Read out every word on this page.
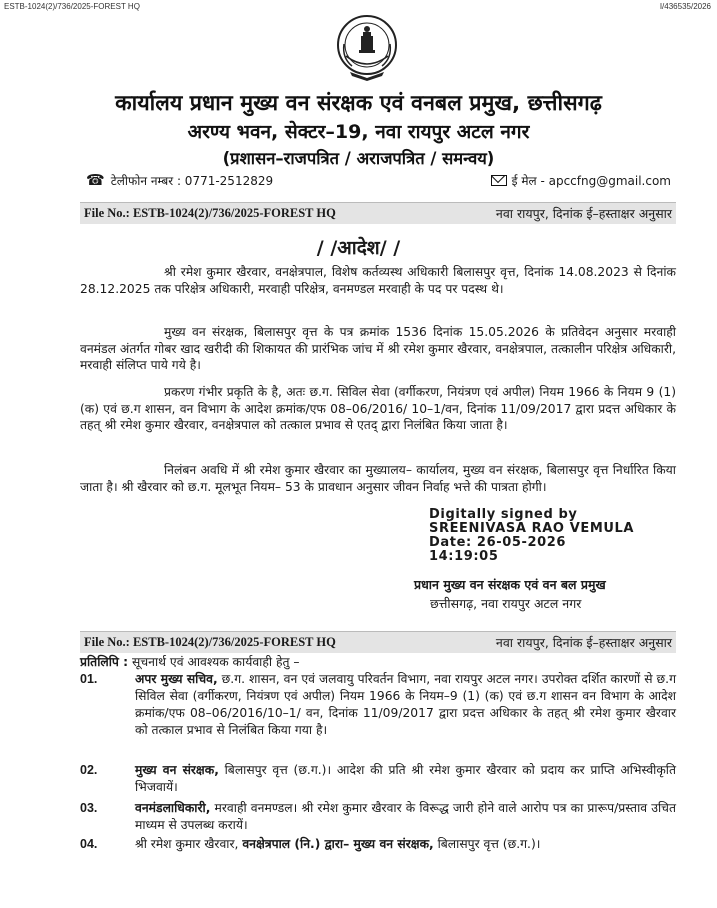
ESTB-1024(2)/736/2025-FOREST HQ	I/436535/2026
कार्यालय प्रधान मुख्य वन संरक्षक एवं वनबल प्रमुख, छत्तीसगढ़
अरण्य भवन, सेक्टर–19, नवा रायपुर अटल नगर
(प्रशासन–राजपत्रित / अराजपत्रित / समन्वय)
☎ टेलीफोन नम्बर : 0771-2512829	ई मेल - apccfng@gmail.com
File No.: ESTB-1024(2)/736/2025-FOREST HQ	नवा रायपुर, दिनांक ई–हस्ताक्षर अनुसार
/ /आदेश/ /

श्री रमेश कुमार खैरवार, वनक्षेत्रपाल, विशेष कर्तव्यस्थ अधिकारी बिलासपुर वृत्त, दिनांक 14.08.2023 से दिनांक 28.12.2025 तक परिक्षेत्र अधिकारी, मरवाही परिक्षेत्र, वनमण्डल मरवाही के पद पर पदस्थ थे।

मुख्य वन संरक्षक, बिलासपुर वृत्त के पत्र क्रमांक 1536 दिनांक 15.05.2026 के प्रतिवेदन अनुसार मरवाही वनमंडल अंतर्गत गोबर खाद खरीदी की शिकायत की प्रारंभिक जांच में श्री रमेश कुमार खैरवार, वनक्षेत्रपाल, तत्कालीन परिक्षेत्र अधिकारी, मरवाही संलिप्त पाये गये है।

प्रकरण गंभीर प्रकृति के है, अतः छ.ग. सिविल सेवा (वर्गीकरण, नियंत्रण एवं अपील) नियम 1966 के नियम 9 (1) (क) एवं छ.ग शासन, वन विभाग के आदेश क्रमांक/एफ 08–06/2016/ 10–1/वन, दिनांक 11/09/2017 द्वारा प्रदत्त अधिकार के तहत् श्री रमेश कुमार खैरवार, वनक्षेत्रपाल को तत्काल प्रभाव से एतद् द्वारा निलंबित किया जाता है।

निलंबन अवधि में श्री रमेश कुमार खैरवार का मुख्यालय– कार्यालय, मुख्य वन संरक्षक, बिलासपुर वृत्त निर्धारित किया जाता है। श्री खैरवार को छ.ग. मूलभूत नियम– 53 के प्रावधान अनुसार जीवन निर्वाह भत्ते की पात्रता होगी।

Digitally signed by
SREENIVASA RAO VEMULA
Date: 26-05-2026
14:19:05
प्रधान मुख्य वन संरक्षक एवं वन बल प्रमुख
छत्तीसगढ़, नवा रायपुर अटल नगर
File No.: ESTB-1024(2)/736/2025-FOREST HQ	नवा रायपुर, दिनांक ई–हस्ताक्षर अनुसार
प्रतिलिपि : सूचनार्थ एवं आवश्यक कार्यवाही हेतु –
01.	अपर मुख्य सचिव, छ.ग. शासन, वन एवं जलवायु परिवर्तन विभाग, नवा रायपुर अटल नगर। उपरोक्त दर्शित कारणों से छ.ग सिविल सेवा (वर्गीकरण, नियंत्रण एवं अपील) नियम 1966 के नियम–9 (1) (क) एवं छ.ग शासन वन विभाग के आदेश क्रमांक/एफ 08–06/2016/10–1/ वन, दिनांक 11/09/2017 द्वारा प्रदत्त अधिकार के तहत् श्री रमेश कुमार खैरवार को तत्काल प्रभाव से निलंबित किया गया है।
02.	मुख्य वन संरक्षक, बिलासपुर वृत्त (छ.ग.)। आदेश की प्रति श्री रमेश कुमार खैरवार को प्रदाय कर प्राप्ति अभिस्वीकृति भिजवायें।
03.	वनमंडलाधिकारी, मरवाही वनमण्डल। श्री रमेश कुमार खैरवार के विरूद्ध जारी होने वाले आरोप पत्र का प्रारूप/प्रस्ताव उचित माध्यम से उपलब्ध करायें।
04.	श्री रमेश कुमार खैरवार, वनक्षेत्रपाल (नि.) द्वारा– मुख्य वन संरक्षक, बिलासपुर वृत्त (छ.ग.)।
